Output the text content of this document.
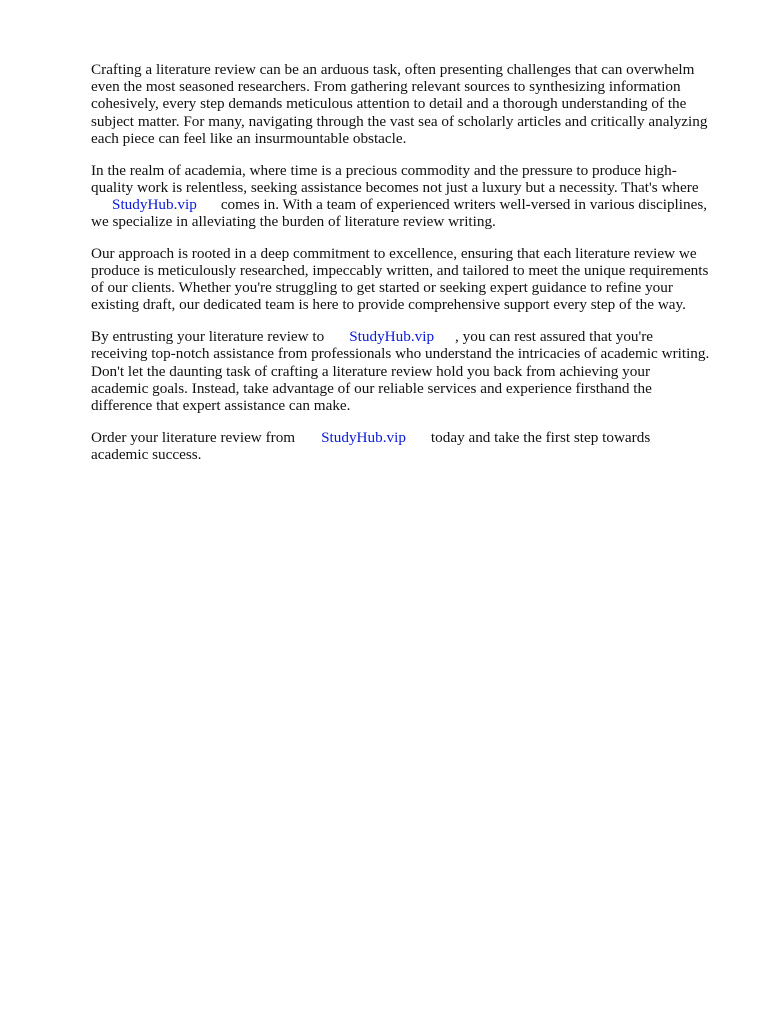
Crafting a literature review can be an arduous task, often presenting challenges that can overwhelm
even the most seasoned researchers. From gathering relevant sources to synthesizing information
cohesively, every step demands meticulous attention to detail and a thorough understanding of the
subject matter. For many, navigating through the vast sea of scholarly articles and critically analyzing
each piece can feel like an insurmountable obstacle.
In the realm of academia, where time is a precious commodity and the pressure to produce high-
quality work is relentless, seeking assistance becomes not just a luxury but a necessity. That's where
StudyHub.vip comes in. With a team of experienced writers well-versed in various disciplines,
we specialize in alleviating the burden of literature review writing.
Our approach is rooted in a deep commitment to excellence, ensuring that each literature review we
produce is meticulously researched, impeccably written, and tailored to meet the unique requirements
of our clients. Whether you're struggling to get started or seeking expert guidance to refine your
existing draft, our dedicated team is here to provide comprehensive support every step of the way.
By entrusting your literature review to StudyHub.vip , you can rest assured that you're
receiving top-notch assistance from professionals who understand the intricacies of academic writing.
Don't let the daunting task of crafting a literature review hold you back from achieving your
academic goals. Instead, take advantage of our reliable services and experience firsthand the
difference that expert assistance can make.
Order your literature review from StudyHub.vip today and take the first step towards
academic success.
